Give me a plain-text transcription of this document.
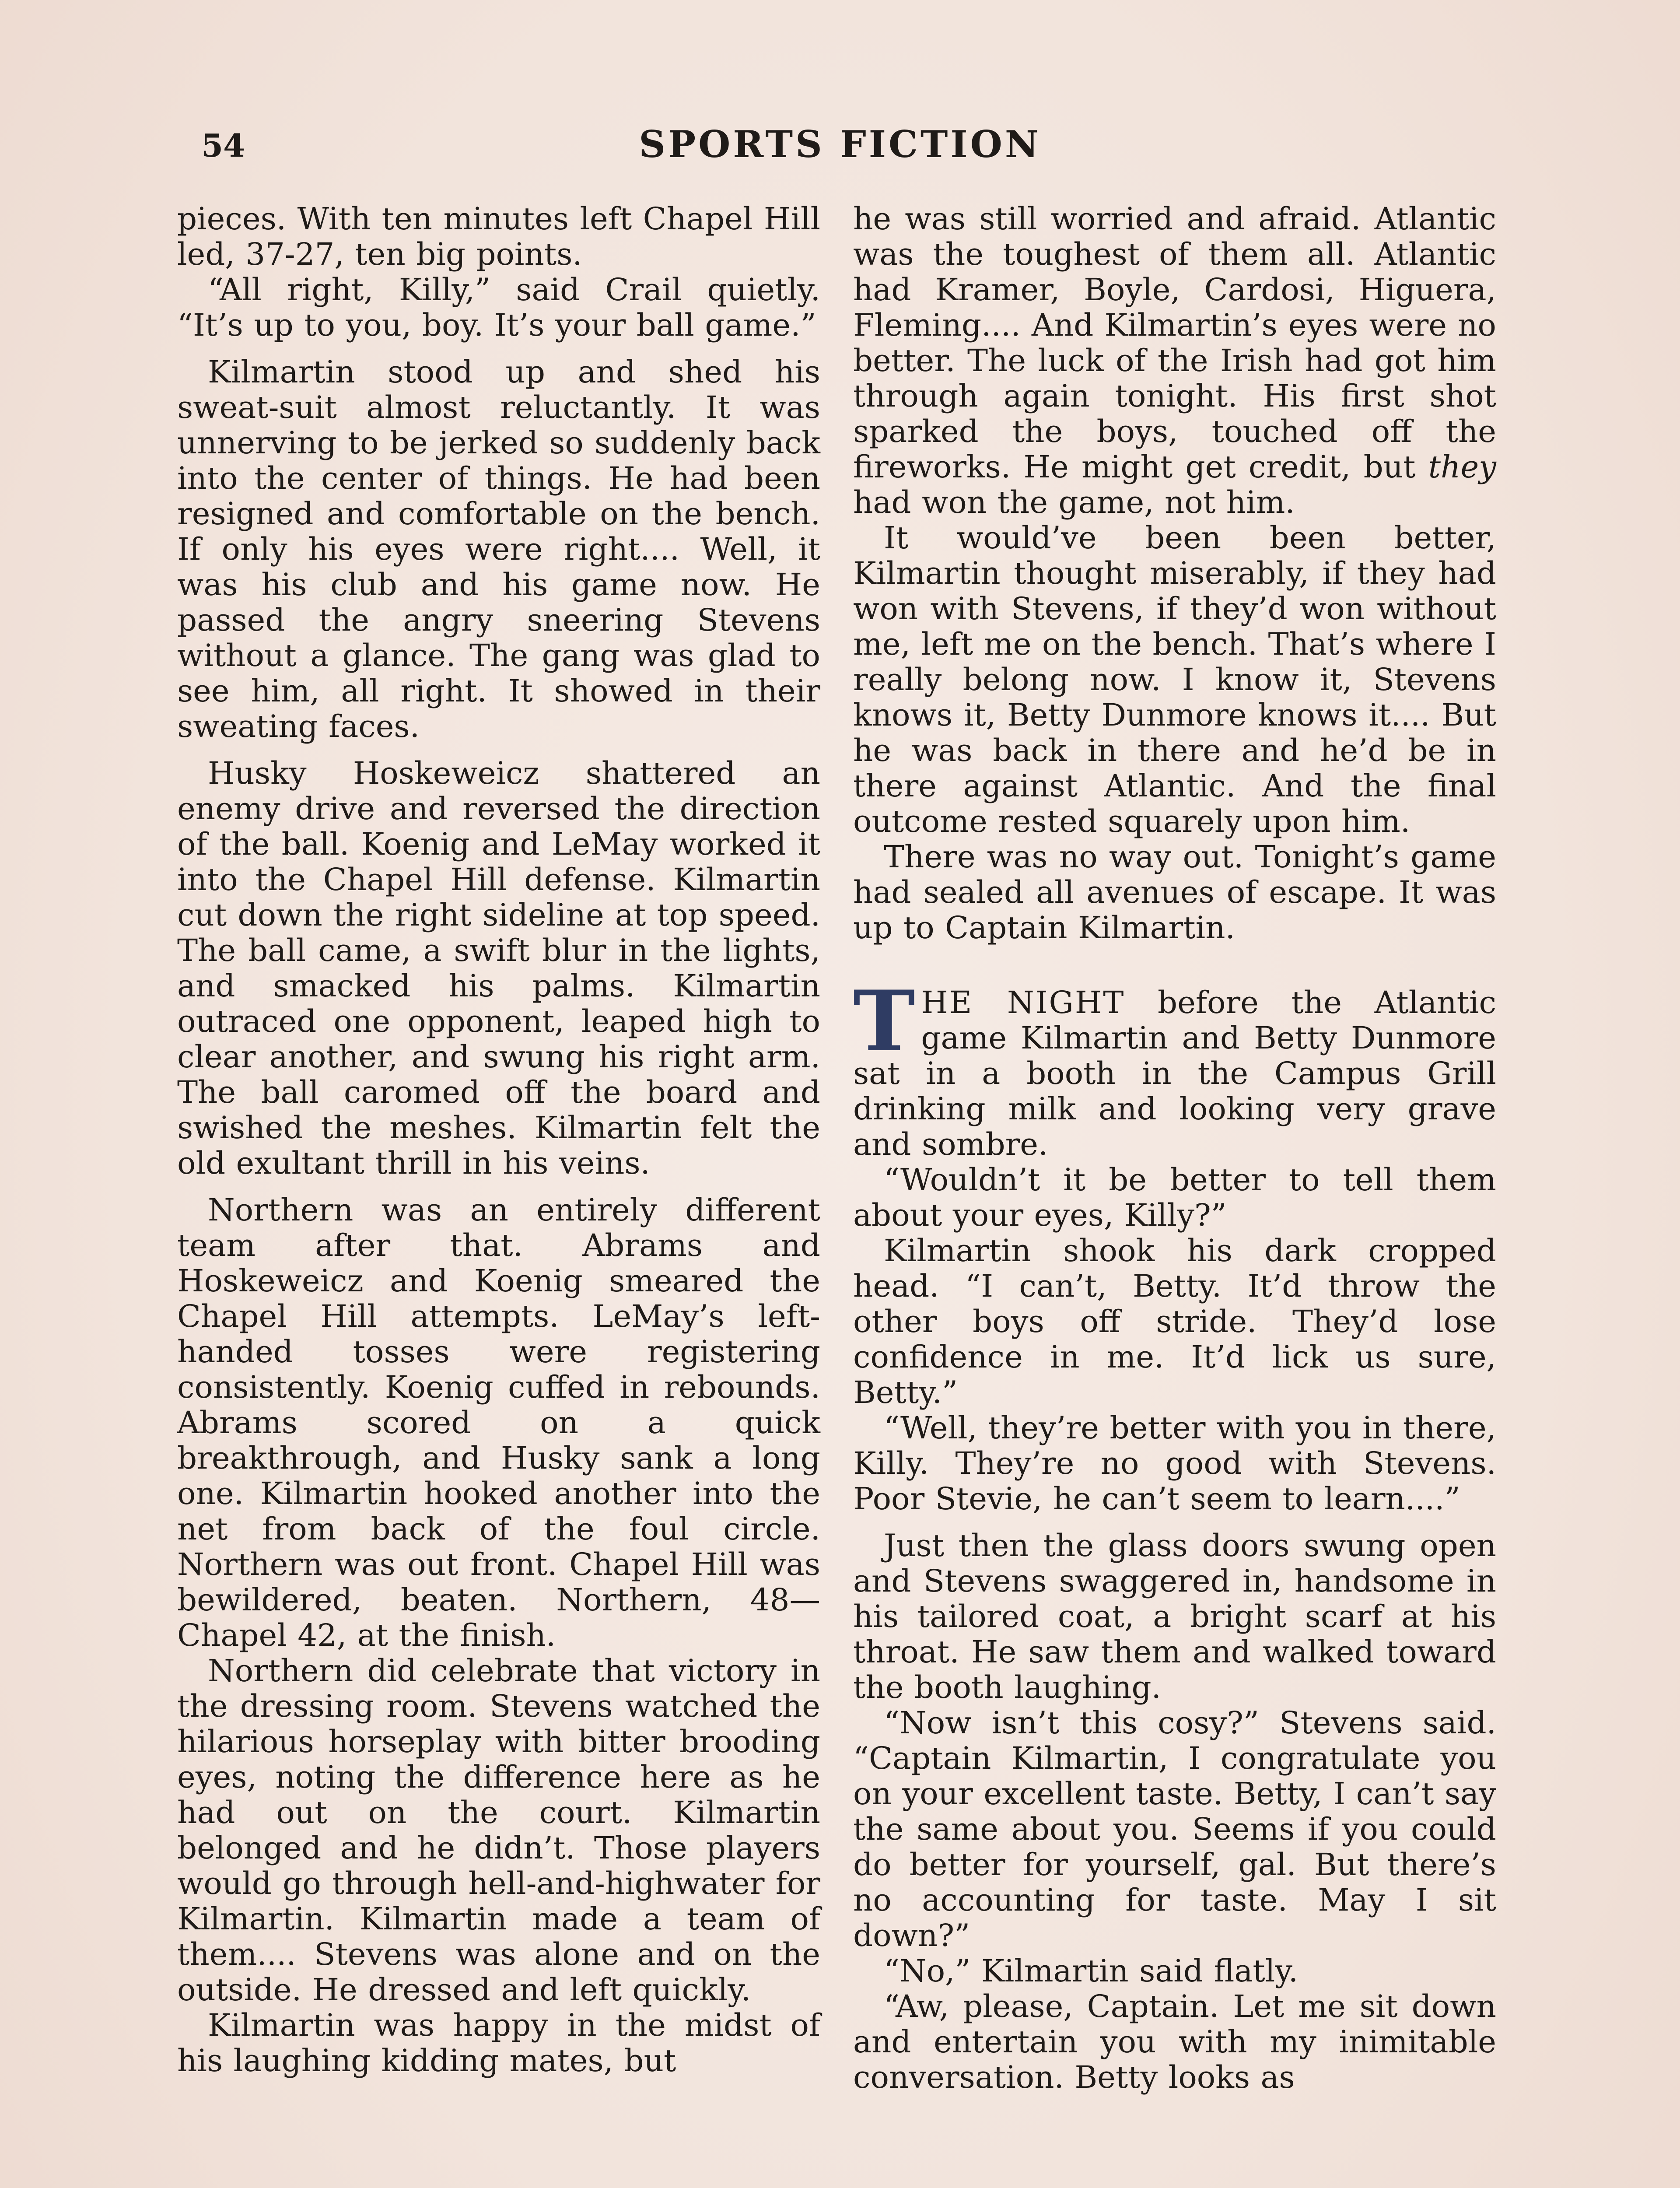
54	SPORTS FICTION

pieces. With ten minutes left Chapel Hill led, 37-27, ten big points.

“All right, Killy,” said Crail quietly. “It’s up to you, boy. It’s your ball game.”

Kilmartin stood up and shed his sweat-suit almost reluctantly. It was unnerving to be jerked so suddenly back into the center of things. He had been resigned and comfortable on the bench. If only his eyes were right.... Well, it was his club and his game now. He passed the angry sneering Stevens without a glance. The gang was glad to see him, all right. It showed in their sweating faces.

Husky Hoskeweicz shattered an enemy drive and reversed the direction of the ball. Koenig and LeMay worked it into the Chapel Hill defense. Kilmartin cut down the right sideline at top speed. The ball came, a swift blur in the lights, and smacked his palms. Kilmartin outraced one opponent, leaped high to clear another, and swung his right arm. The ball caromed off the board and swished the meshes. Kilmartin felt the old exultant thrill in his veins.

Northern was an entirely different team after that. Abrams and Hoskeweicz and Koenig smeared the Chapel Hill attempts. LeMay’s left-handed tosses were registering consistently. Koenig cuffed in rebounds. Abrams scored on a quick breakthrough, and Husky sank a long one. Kilmartin hooked another into the net from back of the foul circle. Northern was out front. Chapel Hill was bewildered, beaten. Northern, 48—Chapel 42, at the finish.

Northern did celebrate that victory in the dressing room. Stevens watched the hilarious horseplay with bitter brooding eyes, noting the difference here as he had out on the court. Kilmartin belonged and he didn’t. Those players would go through hell-and-highwater for Kilmartin. Kilmartin made a team of them.... Stevens was alone and on the outside. He dressed and left quickly.

Kilmartin was happy in the midst of his laughing kidding mates, but

he was still worried and afraid. Atlantic was the toughest of them all. Atlantic had Kramer, Boyle, Cardosi, Higuera, Fleming.... And Kilmartin’s eyes were no better. The luck of the Irish had got him through again tonight. His first shot sparked the boys, touched off the fireworks. He might get credit, but they had won the game, not him.

It would’ve been been better, Kilmartin thought miserably, if they had won with Stevens, if they’d won without me, left me on the bench. That’s where I really belong now. I know it, Stevens knows it, Betty Dunmore knows it.... But he was back in there and he’d be in there against Atlantic. And the final outcome rested squarely upon him.

There was no way out. Tonight’s game had sealed all avenues of escape. It was up to Captain Kilmartin.

THE NIGHT before the Atlantic game Kilmartin and Betty Dunmore sat in a booth in the Campus Grill drinking milk and looking very grave and sombre.

“Wouldn’t it be better to tell them about your eyes, Killy?”

Kilmartin shook his dark cropped head. “I can’t, Betty. It’d throw the other boys off stride. They’d lose confidence in me. It’d lick us sure, Betty.”

“Well, they’re better with you in there, Killy. They’re no good with Stevens. Poor Stevie, he can’t seem to learn....”

Just then the glass doors swung open and Stevens swaggered in, handsome in his tailored coat, a bright scarf at his throat. He saw them and walked toward the booth laughing.

“Now isn’t this cosy?” Stevens said. “Captain Kilmartin, I congratulate you on your excellent taste. Betty, I can’t say the same about you. Seems if you could do better for yourself, gal. But there’s no accounting for taste. May I sit down?”

“No,” Kilmartin said flatly.

“Aw, please, Captain. Let me sit down and entertain you with my inimitable conversation. Betty looks as
